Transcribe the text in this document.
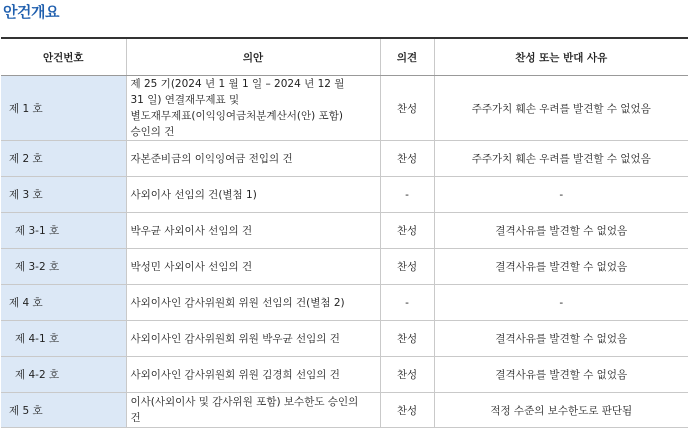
안건개요
안건번호	의안	의견	찬성 또는 반대 사유
제 1 호	제 25 기(2024 년 1 월 1 일 – 2024 년 12 월
31 일) 연결재무제표 및
별도재무제표(이익잉여금처분계산서(안) 포함)
승인의 건	찬성	주주가치 훼손 우려를 발견할 수 없었음
제 2 호	자본준비금의 이익잉여금 전입의 건	찬성	주주가치 훼손 우려를 발견할 수 없었음
제 3 호	사외이사 선임의 건(별첨 1)	-	-
제 3-1 호	박우균 사외이사 선임의 건	찬성	결격사유를 발견할 수 없었음
제 3-2 호	박성민 사외이사 선임의 건	찬성	결격사유를 발견할 수 없었음
제 4 호	사외이사인 감사위원회 위원 선임의 건(별첨 2)	-	-
제 4-1 호	사외이사인 감사위원회 위원 박우균 선임의 건	찬성	결격사유를 발견할 수 없었음
제 4-2 호	사외이사인 감사위원회 위원 김경희 선임의 건	찬성	결격사유를 발견할 수 없었음
제 5 호	이사(사외이사 및 감사위원 포함) 보수한도 승인의
건	찬성	적정 수준의 보수한도로 판단됨
